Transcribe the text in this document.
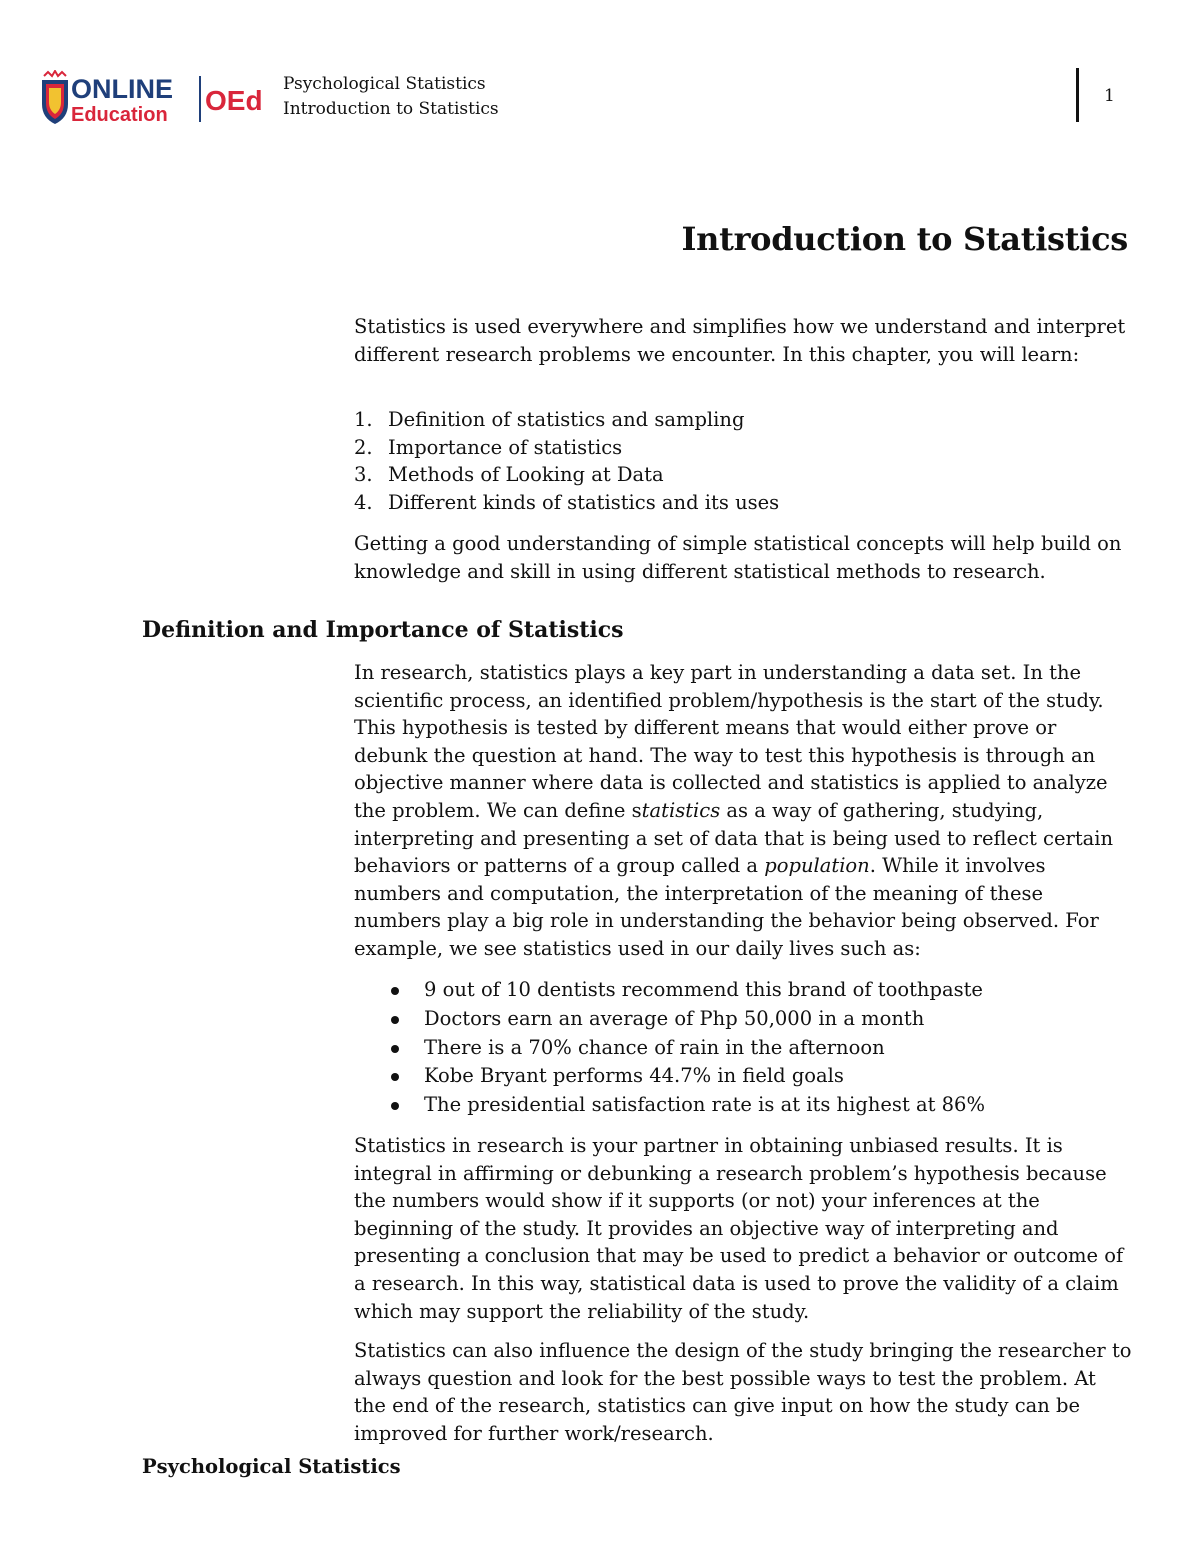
ONLINE
Education OEd
Psychological Statistics
Introduction to Statistics
1
Introduction to Statistics

Statistics is used everywhere and simplifies how we understand and interpret different research problems we encounter. In this chapter, you will learn:

1. Definition of statistics and sampling
2. Importance of statistics
3. Methods of Looking at Data
4. Different kinds of statistics and its uses

Getting a good understanding of simple statistical concepts will help build on knowledge and skill in using different statistical methods to research.

Definition and Importance of Statistics

In research, statistics plays a key part in understanding a data set. In the scientific process, an identified problem/hypothesis is the start of the study. This hypothesis is tested by different means that would either prove or debunk the question at hand. The way to test this hypothesis is through an objective manner where data is collected and statistics is applied to analyze the problem. We can define statistics as a way of gathering, studying, interpreting and presenting a set of data that is being used to reflect certain behaviors or patterns of a group called a population. While it involves numbers and computation, the interpretation of the meaning of these numbers play a big role in understanding the behavior being observed. For example, we see statistics used in our daily lives such as:

9 out of 10 dentists recommend this brand of toothpaste
Doctors earn an average of Php 50,000 in a month
There is a 70% chance of rain in the afternoon
Kobe Bryant performs 44.7% in field goals
The presidential satisfaction rate is at its highest at 86%

Statistics in research is your partner in obtaining unbiased results. It is integral in affirming or debunking a research problem’s hypothesis because the numbers would show if it supports (or not) your inferences at the beginning of the study. It provides an objective way of interpreting and presenting a conclusion that may be used to predict a behavior or outcome of a research. In this way, statistical data is used to prove the validity of a claim which may support the reliability of the study.

Statistics can also influence the design of the study bringing the researcher to always question and look for the best possible ways to test the problem. At the end of the research, statistics can give input on how the study can be improved for further work/research.

Psychological Statistics
